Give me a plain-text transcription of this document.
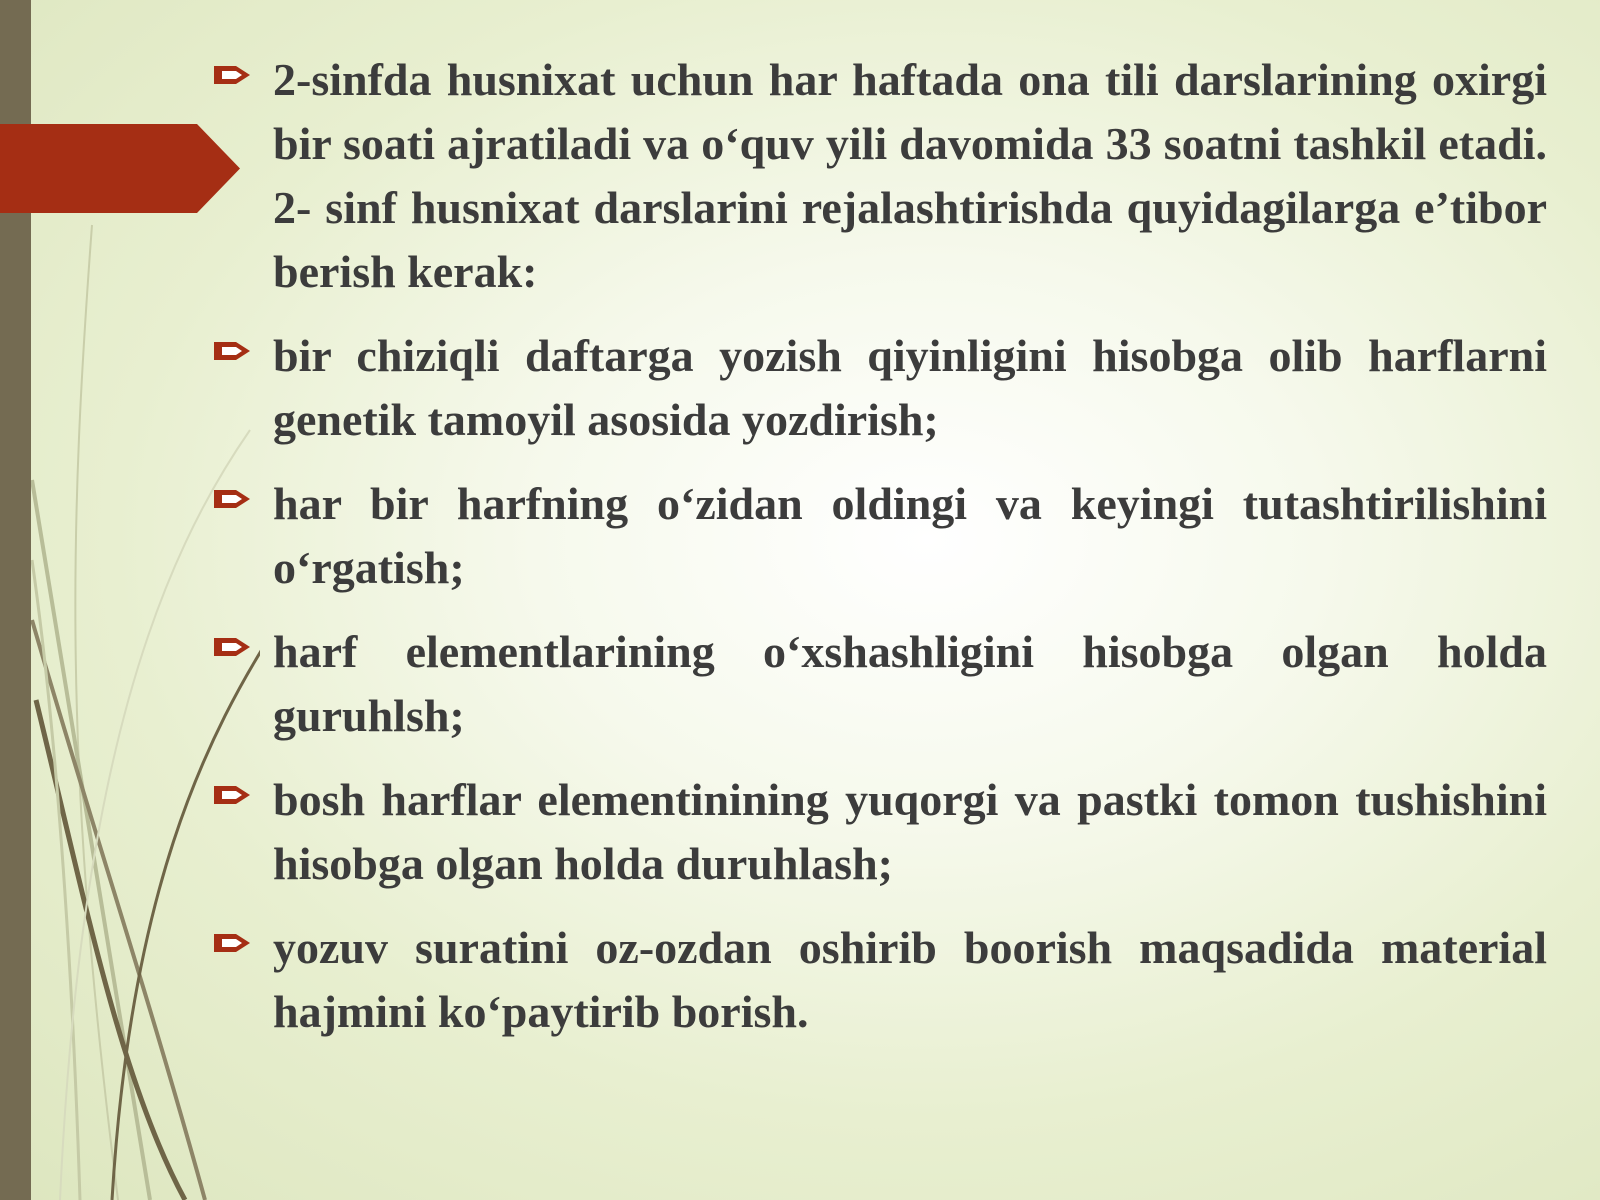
2-sinfda husnixat uchun har haftada ona tili darslarining oxirgi bir soati ajratiladi va o‘quv yili davomida 33 soatni tashkil etadi. 2- sinf husnixat darslarini rejalashtirishda quyidagilarga e’tibor berish kerak:
bir chiziqli daftarga yozish qiyinligini hisobga olib harflarni genetik tamoyil asosida yozdirish;
har bir harfning o‘zidan oldingi va keyingi tutashtirilishini o‘rgatish;
harf elementlarining o‘xshashligini hisobga olgan holda guruhlsh;
bosh harflar elementinining yuqorgi va pastki tomon tushishini hisobga olgan holda duruhlash;
yozuv suratini oz-ozdan oshirib boorish maqsadida material hajmini ko‘paytirib borish.
